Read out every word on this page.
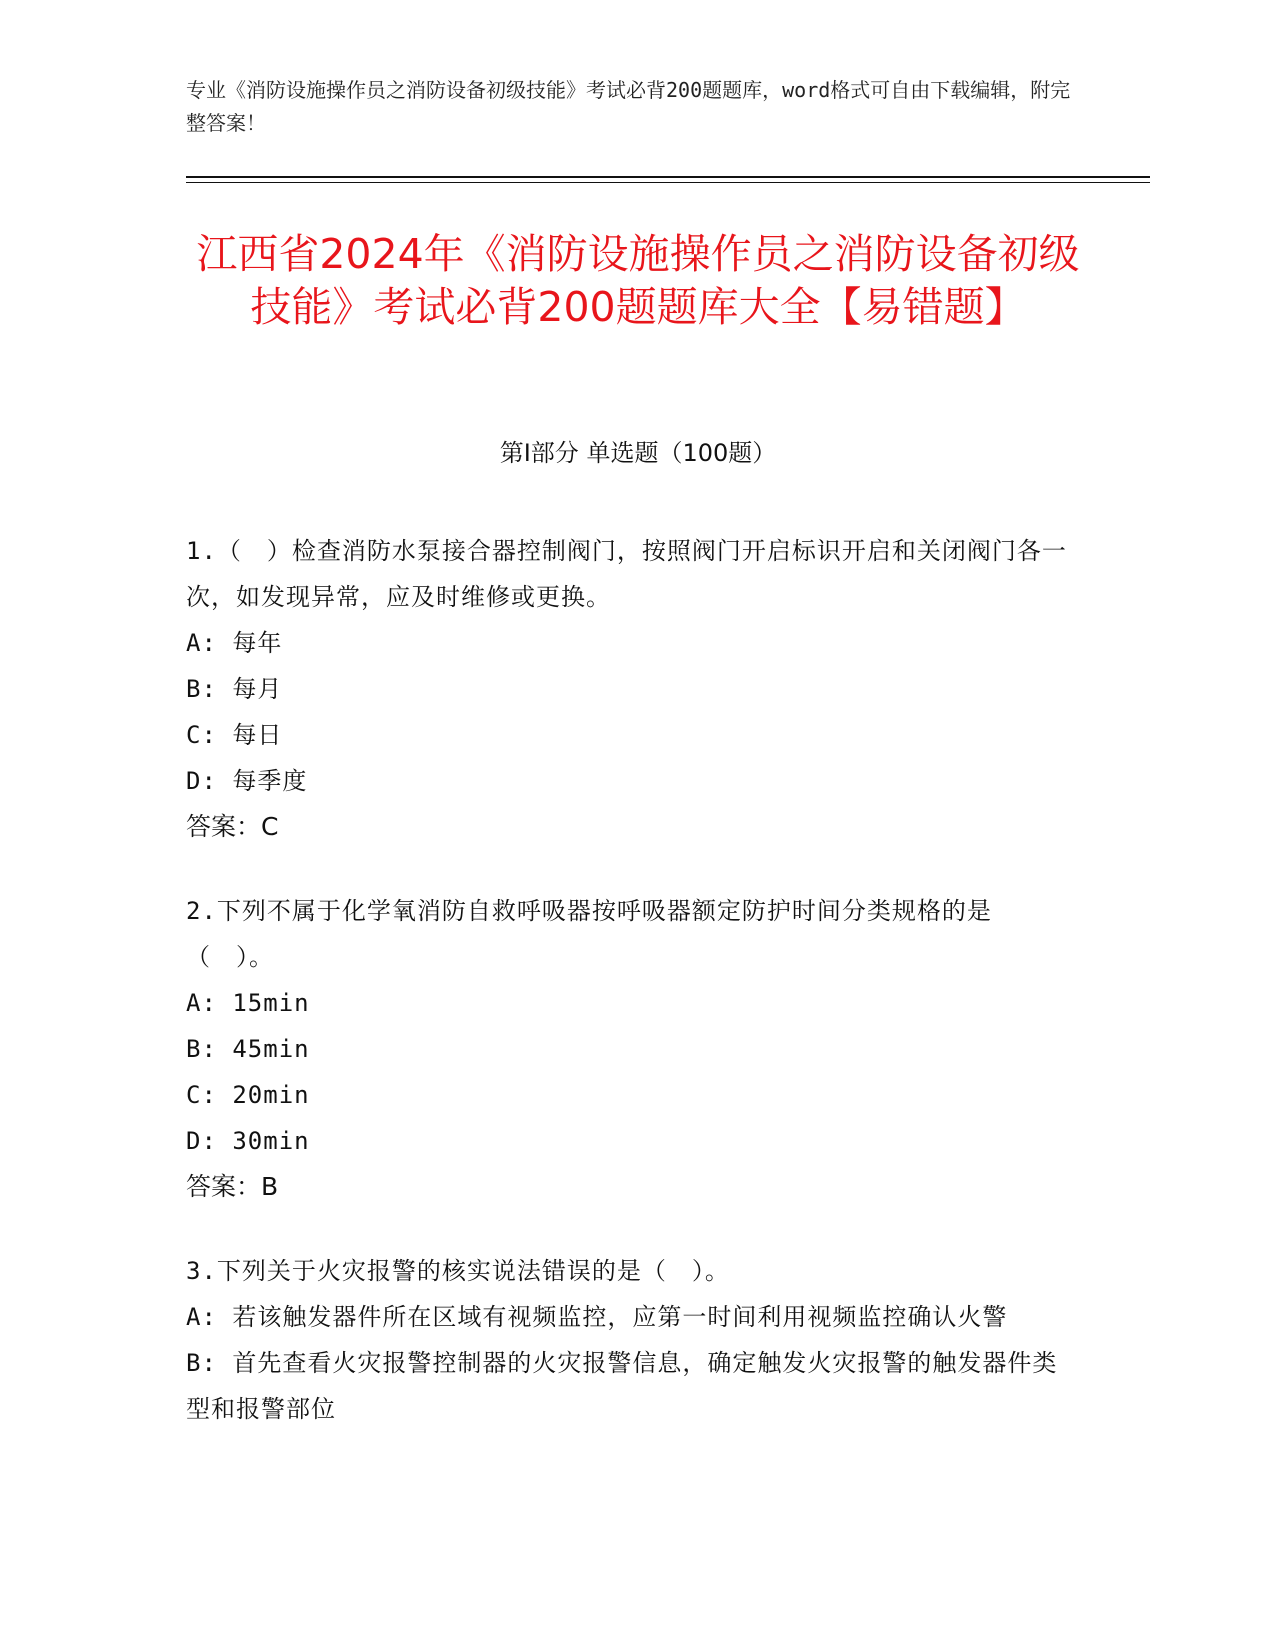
专业《消防设施操作员之消防设备初级技能》考试必背200题题库，word格式可自由下载编辑，附完整答案！
江西省2024年《消防设施操作员之消防设备初级技能》考试必背200题题库大全【易错题】
第I部分 单选题（100题）
1.（　）检查消防水泵接合器控制阀门，按照阀门开启标识开启和关闭阀门各一次，如发现异常，应及时维修或更换。
A: 每年
B: 每月
C: 每日
D: 每季度
答案：C
2.下列不属于化学氧消防自救呼吸器按呼吸器额定防护时间分类规格的是（　）。
A: 15min
B: 45min
C: 20min
D: 30min
答案：B
3.下列关于火灾报警的核实说法错误的是（　）。
A: 若该触发器件所在区域有视频监控，应第一时间利用视频监控确认火警
B: 首先查看火灾报警控制器的火灾报警信息，确定触发火灾报警的触发器件类型和报警部位
